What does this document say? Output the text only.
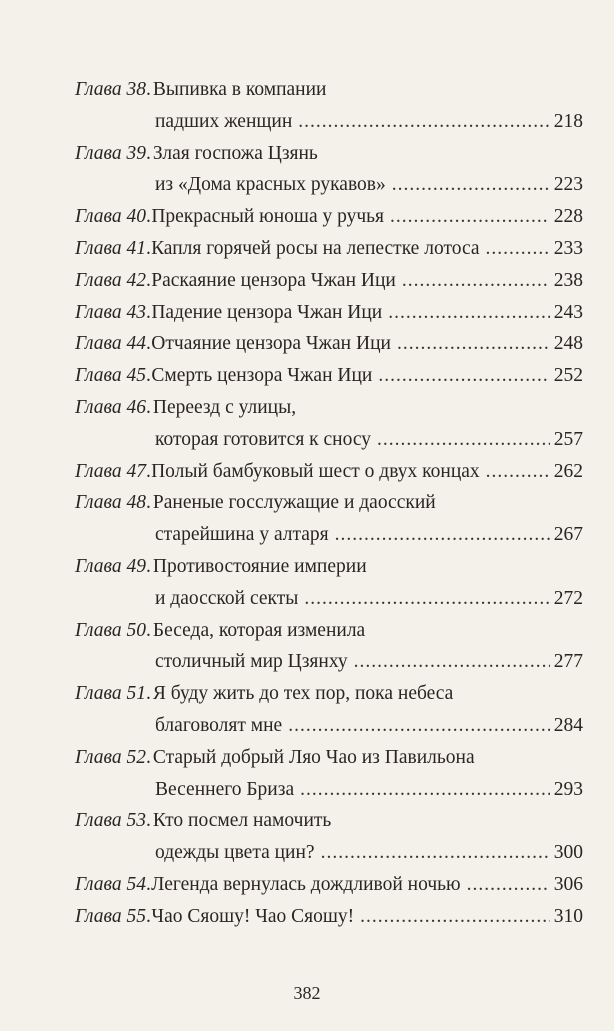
Глава 38 . Выпивка в компании
падших женщин .....	218
Глава 39 . Злая госпожа Цзянь
из «Дома красных рукавов» .....	223
Глава 40 . Прекрасный юноша у ручья .....	228
Глава 41 . Капля горячей росы на лепестке лотоса .....	233
Глава 42 . Раскаяние цензора Чжан Ици .....	238
Глава 43 . Падение цензора Чжан Ици .....	243
Глава 44 . Отчаяние цензора Чжан Ици .....	248
Глава 45 . Смерть цензора Чжан Ици .....	252
Глава 46 . Переезд с улицы,
которая готовится к сносу .....	257
Глава 47 . Полый бамбуковый шест о двух концах .....	262
Глава 48 . Раненые госслужащие и даосский
старейшина у алтаря .....	267
Глава 49 . Противостояние империи
и даосской секты .....	272
Глава 50 . Беседа, которая изменила
столичный мир Цзянху .....	277
Глава 51 . Я буду жить до тех пор, пока небеса
благоволят мне .....	284
Глава 52 . Старый добрый Ляо Чао из Павильона
Весеннего Бриза .....	293
Глава 53 . Кто посмел намочить
одежды цвета цин? .....	300
Глава 54 . Легенда вернулась дождливой ночью .....	306
Глава 55 . Чао Сяошу! Чао Сяошу! .....	310
382
